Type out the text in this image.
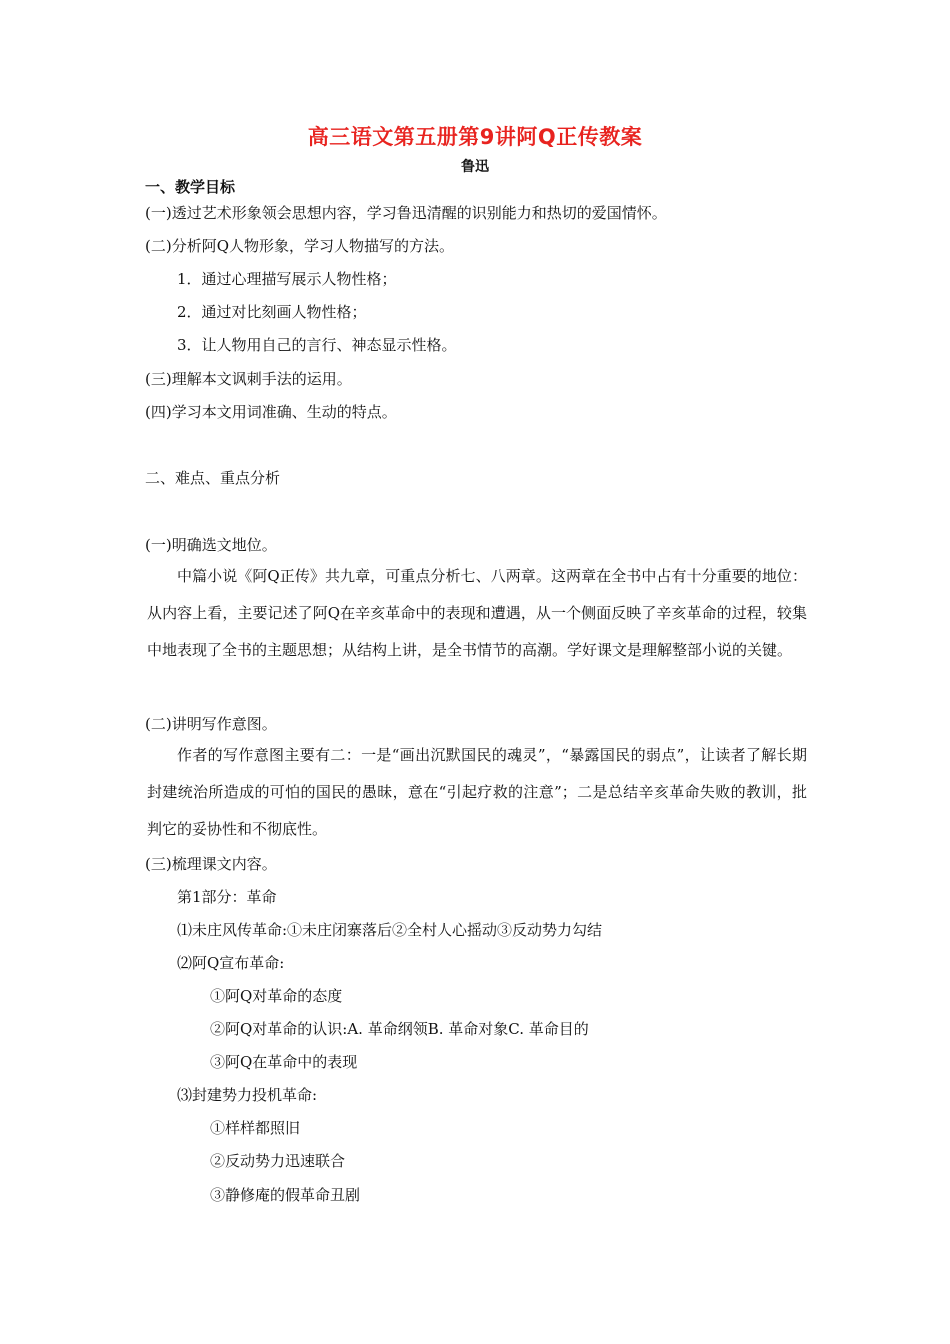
高三语文第五册第9讲阿Q正传教案
鲁迅
一、教学目标
(一)透过艺术形象领会思想内容，学习鲁迅清醒的识别能力和热切的爱国情怀。
(二)分析阿Q人物形象，学习人物描写的方法。
1．通过心理描写展示人物性格；
2．通过对比刻画人物性格；
3．让人物用自己的言行、神态显示性格。
(三)理解本文讽刺手法的运用。
(四)学习本文用词准确、生动的特点。
二、难点、重点分析
(一)明确选文地位。
中篇小说《阿Q正传》共九章，可重点分析七、八两章。这两章在全书中占有十分重要的地位：从内容上看，主要记述了阿Q在辛亥革命中的表现和遭遇，从一个侧面反映了辛亥革命的过程，较集中地表现了全书的主题思想；从结构上讲，是全书情节的高潮。学好课文是理解整部小说的关键。
(二)讲明写作意图。
作者的写作意图主要有二：一是“画出沉默国民的魂灵”，“暴露国民的弱点”，让读者了解长期封建统治所造成的可怕的国民的愚昧，意在“引起疗救的注意”；二是总结辛亥革命失败的教训，批判它的妥协性和不彻底性。
(三)梳理课文内容。
第1部分：革命
⑴未庄风传革命:①未庄闭寨落后②全村人心摇动③反动势力勾结
⑵阿Q宣布革命:
①阿Q对革命的态度
②阿Q对革命的认识:A. 革命纲领B. 革命对象C. 革命目的
③阿Q在革命中的表现
⑶封建势力投机革命:
①样样都照旧
②反动势力迅速联合
③静修庵的假革命丑剧
